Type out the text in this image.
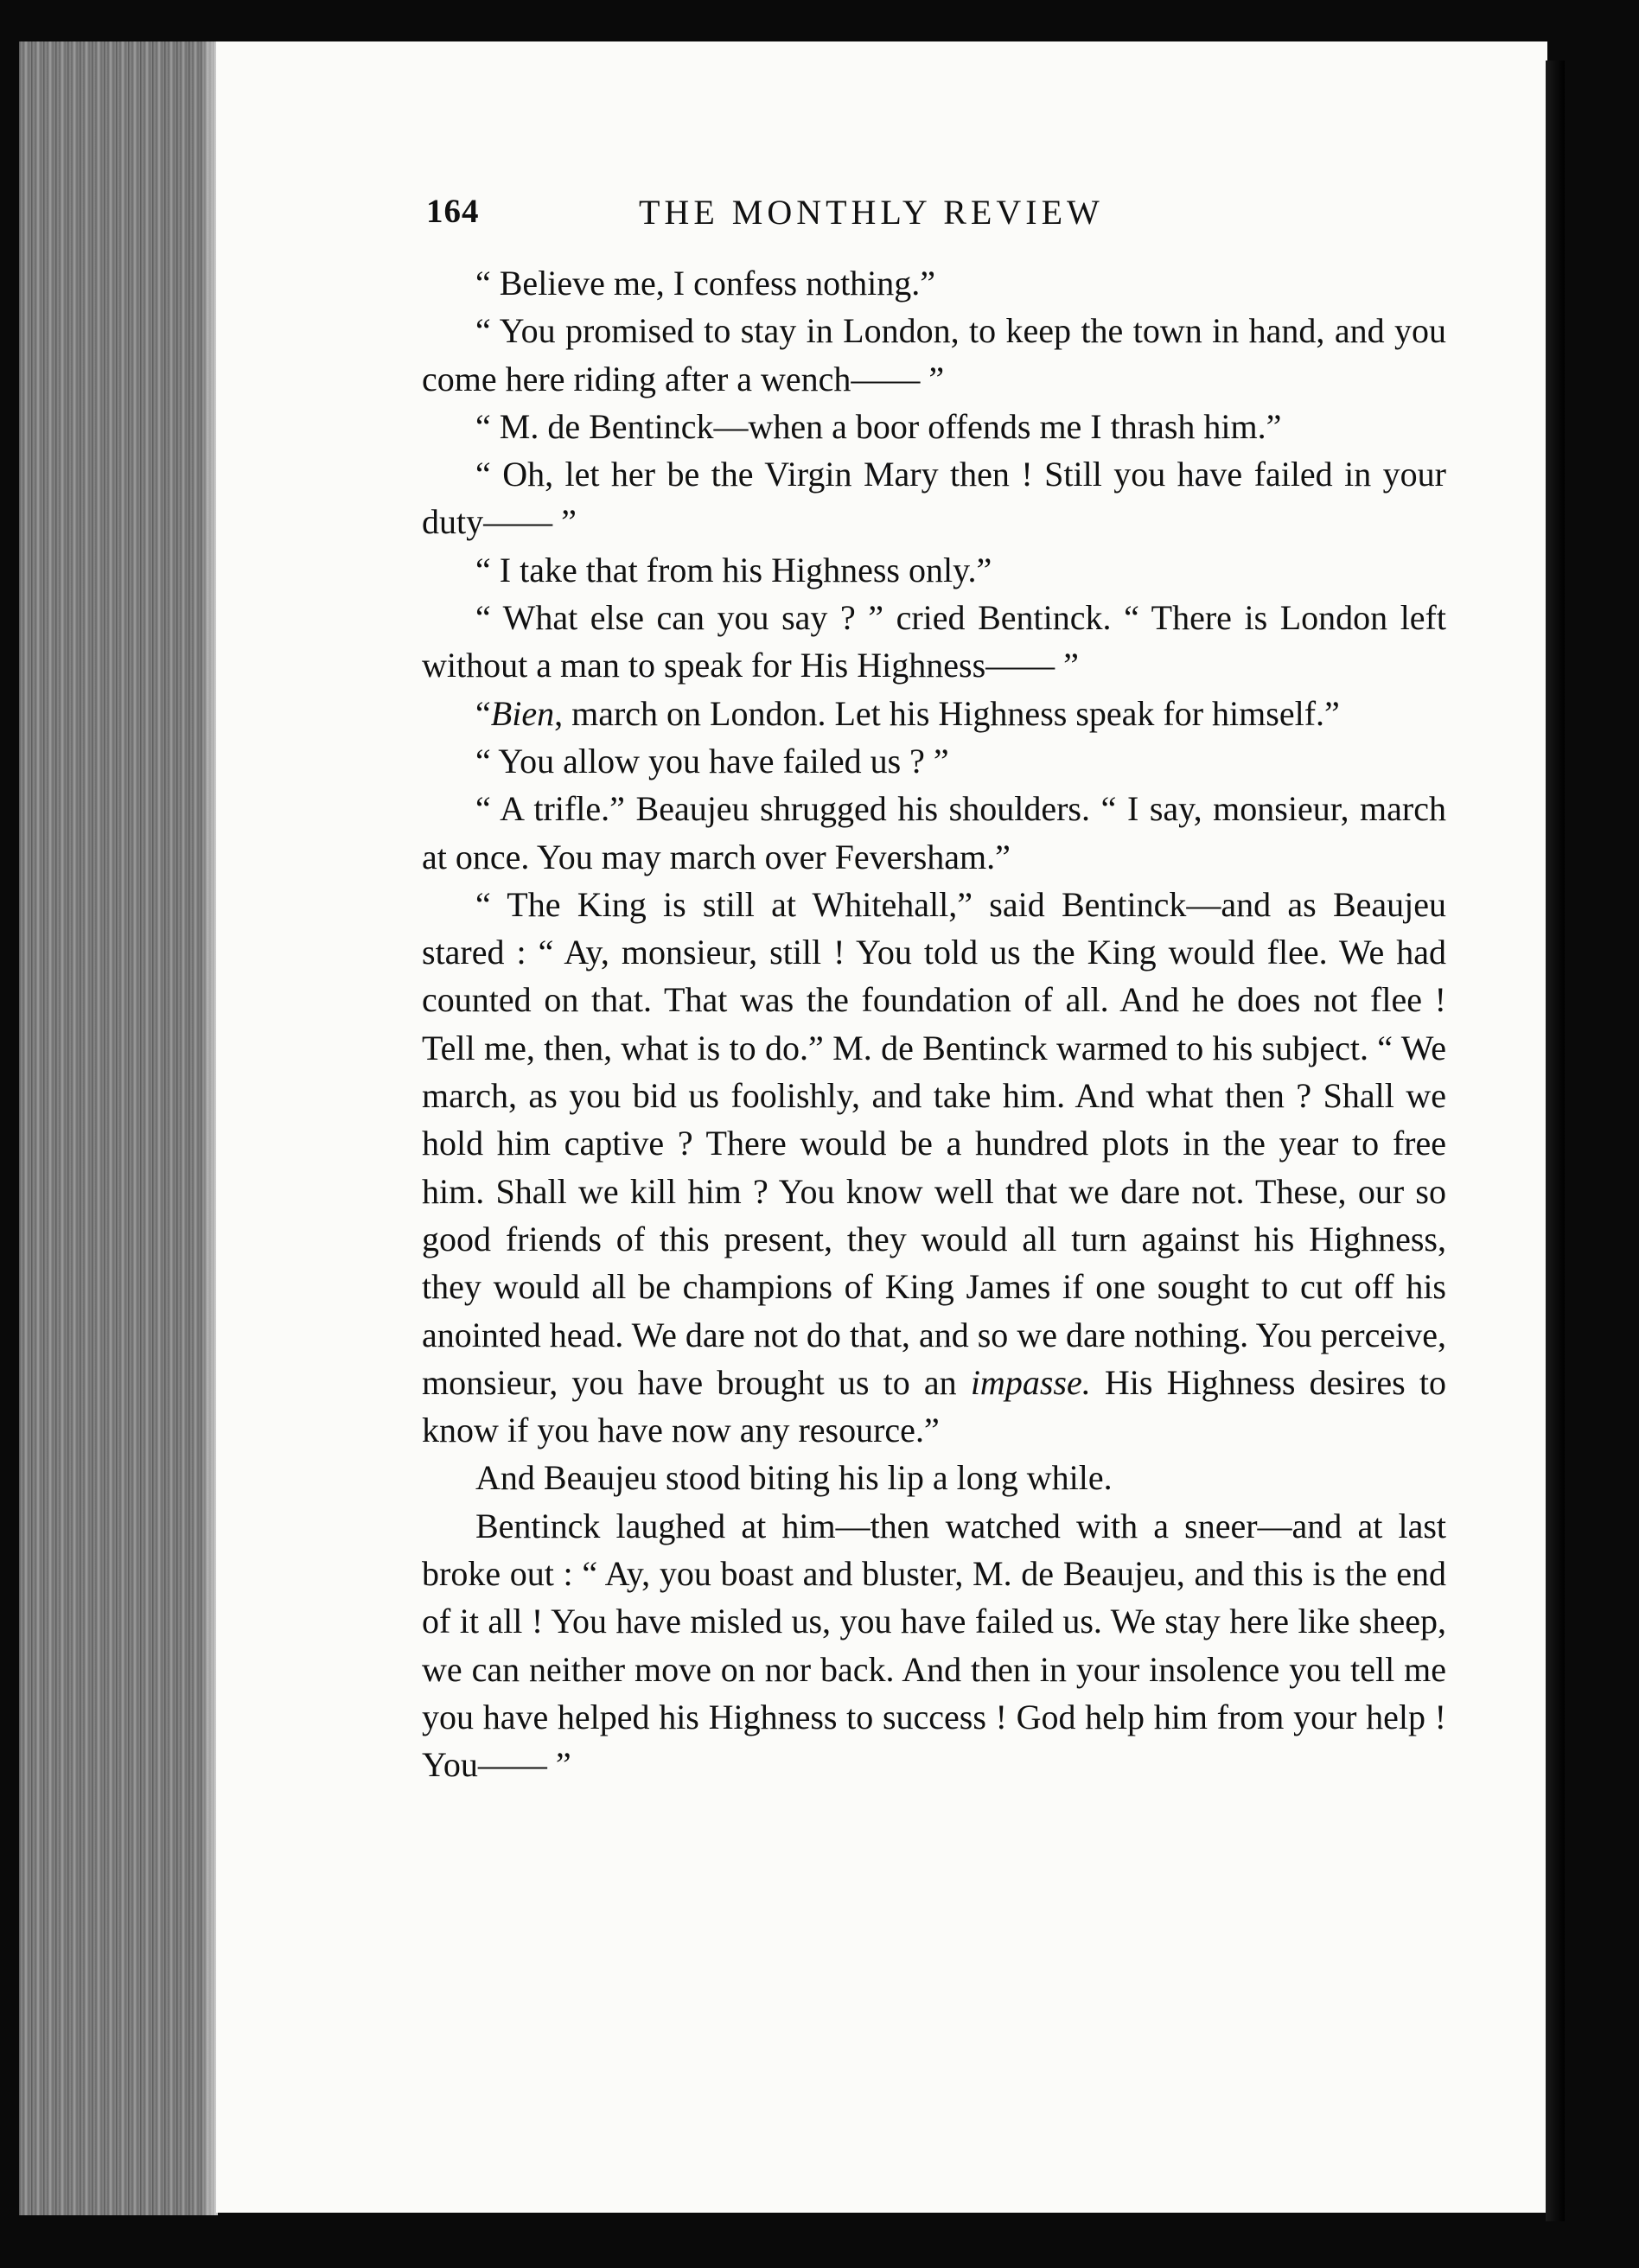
164	THE MONTHLY REVIEW

“ Believe me, I confess nothing.”

“ You promised to stay in London, to keep the town in hand, and you come here riding after a wench—— ”

“ M. de Bentinck—when a boor offends me I thrash him.”

“ Oh, let her be the Virgin Mary then ! Still you have failed in your duty—— ”

“ I take that from his Highness only.”

“ What else can you say ? ” cried Bentinck. “ There is London left without a man to speak for His Highness—— ”

“Bien, march on London. Let his Highness speak for himself.”

“ You allow you have failed us ? ”

“ A trifle.” Beaujeu shrugged his shoulders. “ I say, monsieur, march at once. You may march over Feversham.”

“ The King is still at Whitehall,” said Bentinck—and as Beaujeu stared : “ Ay, monsieur, still ! You told us the King would flee. We had counted on that. That was the foundation of all. And he does not flee ! Tell me, then, what is to do.” M. de Bentinck warmed to his subject. “ We march, as you bid us foolishly, and take him. And what then ? Shall we hold him captive ? There would be a hundred plots in the year to free him. Shall we kill him ? You know well that we dare not. These, our so good friends of this present, they would all turn against his Highness, they would all be champions of King James if one sought to cut off his anointed head. We dare not do that, and so we dare nothing. You perceive, monsieur, you have brought us to an impasse. His Highness desires to know if you have now any resource.”

And Beaujeu stood biting his lip a long while.

Bentinck laughed at him—then watched with a sneer—and at last broke out : “ Ay, you boast and bluster, M. de Beaujeu, and this is the end of it all ! You have misled us, you have failed us. We stay here like sheep, we can neither move on nor back. And then in your insolence you tell me you have helped his Highness to success ! God help him from your help ! You—— ”
